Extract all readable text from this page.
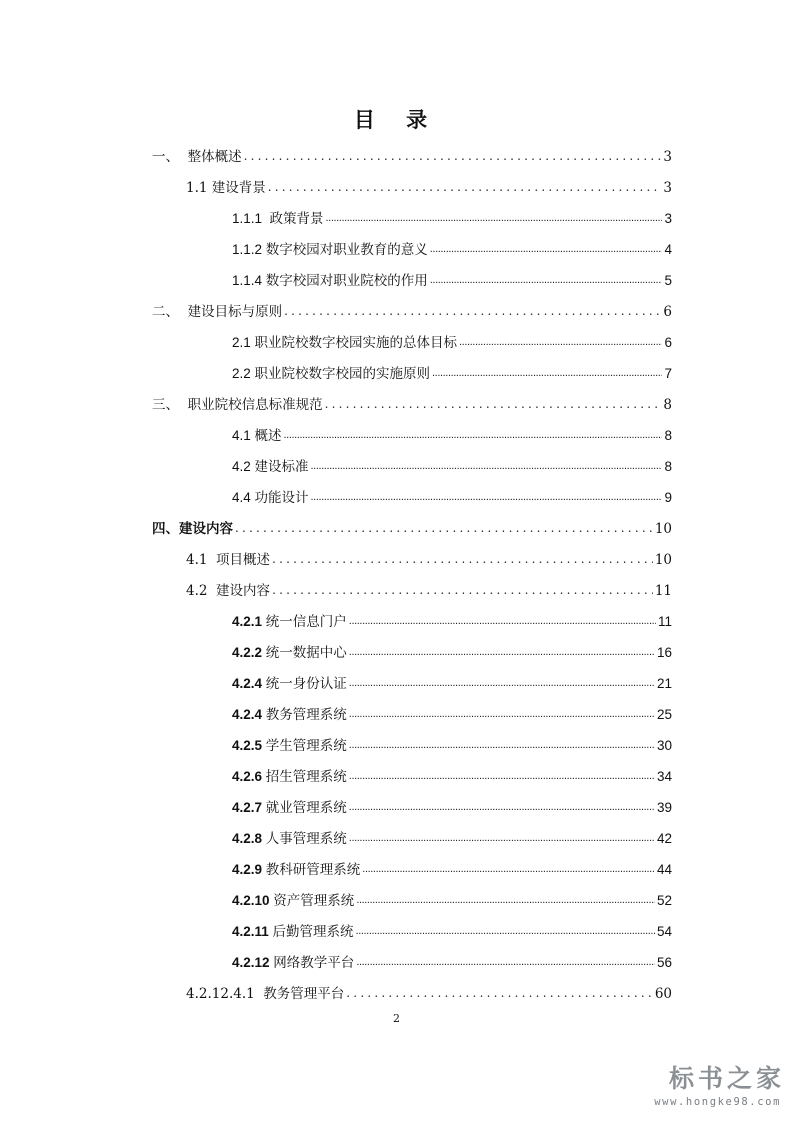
目 录
一、  整体概述 .....	3
1.1 建设背景 .....	3
1.1.1  政策背景 .....	3
1.1.2 数字校园对职业教育的意义 .....	4
1.1.4 数字校园对职业院校的作用 .....	5
二、  建设目标与原则 .....	6
2.1 职业院校数字校园实施的总体目标 .....	6
2.2 职业院校数字校园的实施原则 .....	7
三、  职业院校信息标准规范 .....	8
4.1 概述 .....	8
4.2 建设标准 .....	8
4.4 功能设计 .....	9
四、建设内容 .....	10
4.1  项目概述 .....	10
4.2  建设内容 .....	11
4.2.1 统一信息门户 .....	11
4.2.2 统一数据中心 .....	16
4.2.4 统一身份认证 .....	21
4.2.4 教务管理系统 .....	25
4.2.5 学生管理系统 .....	30
4.2.6 招生管理系统 .....	34
4.2.7 就业管理系统 .....	39
4.2.8 人事管理系统 .....	42
4.2.9 教科研管理系统 .....	44
4.2.10 资产管理系统 .....	52
4.2.11 后勤管理系统 .....	54
4.2.12 网络教学平台 .....	56
4.2.12.4.1  教务管理平台 .....	60
2
标书之家
www.hongke98.com
